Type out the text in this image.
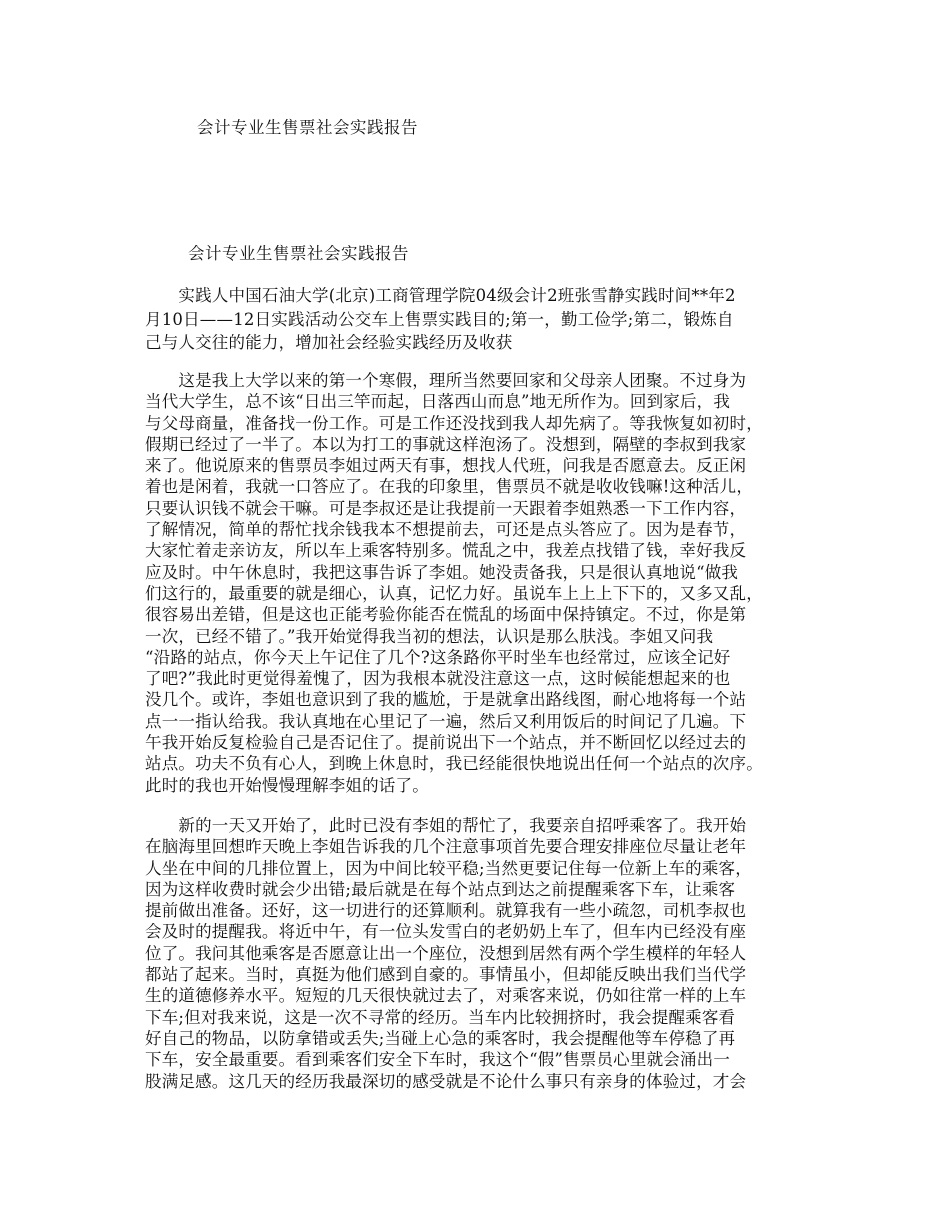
会计专业生售票社会实践报告
会计专业生售票社会实践报告
　　实践人中国石油大学(北京)工商管理学院04级会计2班张雪静实践时间**年2
月10日——12日实践活动公交车上售票实践目的;第一，勤工俭学;第二，锻炼自
己与人交往的能力，增加社会经验实践经历及收获
　　这是我上大学以来的第一个寒假，理所当然要回家和父母亲人团聚。不过身为
当代大学生，总不该“日出三竿而起，日落西山而息”地无所作为。回到家后，我
与父母商量，准备找一份工作。可是工作还没找到我人却先病了。等我恢复如初时，
假期已经过了一半了。本以为打工的事就这样泡汤了。没想到，隔壁的李叔到我家
来了。他说原来的售票员李姐过两天有事，想找人代班，问我是否愿意去。反正闲
着也是闲着，我就一口答应了。在我的印象里，售票员不就是收收钱嘛!这种活儿，
只要认识钱不就会干嘛。可是李叔还是让我提前一天跟着李姐熟悉一下工作内容，
了解情况，简单的帮忙找余钱我本不想提前去，可还是点头答应了。因为是春节，
大家忙着走亲访友，所以车上乘客特别多。慌乱之中，我差点找错了钱，幸好我反
应及时。中午休息时，我把这事告诉了李姐。她没责备我，只是很认真地说“做我
们这行的，最重要的就是细心，认真，记忆力好。虽说车上上上下下的，又多又乱，
很容易出差错，但是这也正能考验你能否在慌乱的场面中保持镇定。不过，你是第
一次，已经不错了。”我开始觉得我当初的想法，认识是那么肤浅。李姐又问我
“沿路的站点，你今天上午记住了几个?这条路你平时坐车也经常过，应该全记好
了吧?”我此时更觉得羞愧了，因为我根本就没注意这一点，这时候能想起来的也
没几个。或许，李姐也意识到了我的尴尬，于是就拿出路线图，耐心地将每一个站
点一一指认给我。我认真地在心里记了一遍，然后又利用饭后的时间记了几遍。下
午我开始反复检验自己是否记住了。提前说出下一个站点，并不断回忆以经过去的
站点。功夫不负有心人，到晚上休息时，我已经能很快地说出任何一个站点的次序。
此时的我也开始慢慢理解李姐的话了。
　　新的一天又开始了，此时已没有李姐的帮忙了，我要亲自招呼乘客了。我开始
在脑海里回想昨天晚上李姐告诉我的几个注意事项首先要合理安排座位尽量让老年
人坐在中间的几排位置上，因为中间比较平稳;当然更要记住每一位新上车的乘客，
因为这样收费时就会少出错;最后就是在每个站点到达之前提醒乘客下车，让乘客
提前做出准备。还好，这一切进行的还算顺利。就算我有一些小疏忽，司机李叔也
会及时的提醒我。将近中午，有一位头发雪白的老奶奶上车了，但车内已经没有座
位了。我问其他乘客是否愿意让出一个座位，没想到居然有两个学生模样的年轻人
都站了起来。当时，真挺为他们感到自豪的。事情虽小，但却能反映出我们当代学
生的道德修养水平。短短的几天很快就过去了，对乘客来说，仍如往常一样的上车
下车;但对我来说，这是一次不寻常的经历。当车内比较拥挤时，我会提醒乘客看
好自己的物品，以防拿错或丢失;当碰上心急的乘客时，我会提醒他等车停稳了再
下车，安全最重要。看到乘客们安全下车时，我这个“假”售票员心里就会涌出一
股满足感。这几天的经历我最深切的感受就是不论什么事只有亲身的体验过，才会
